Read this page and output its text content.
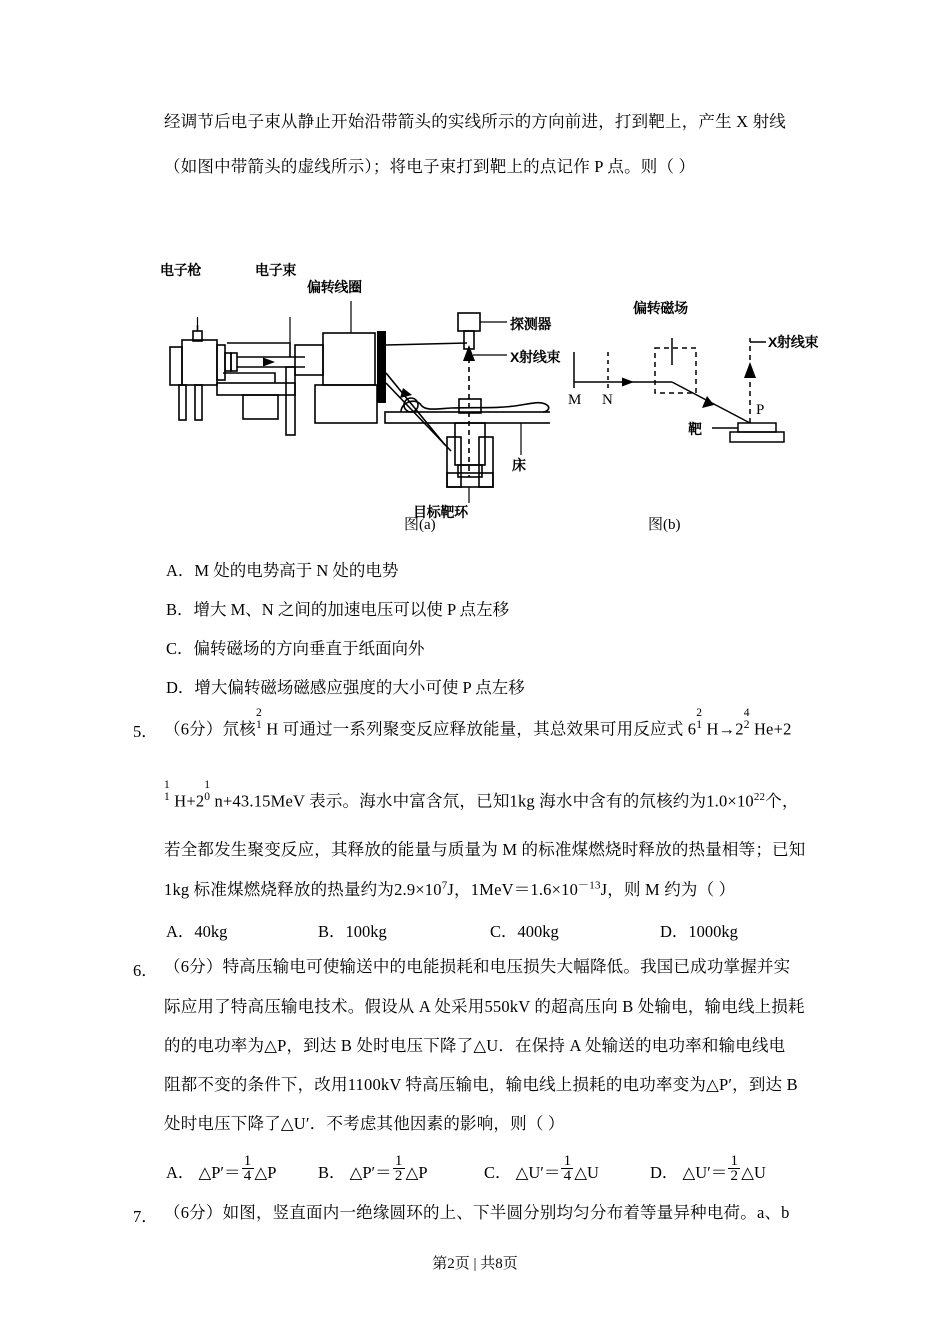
经调节后电子束从静止开始沿带箭头的实线所示的方向前进，打到靶上，产生 X 射线
（如图中带箭头的虚线所示）；将电子束打到靶上的点记作 P 点。则（ ）
电子枪	电子束
偏转线圈
探测器
X射线束
床
目标靶环
图(a)
偏转磁场
X射线束
M N
P
靶
图(b)
A．M 处的电势高于 N 处的电势
B．增大 M、N 之间的加速电压可以使 P 点左移
C．偏转磁场的方向垂直于纸面向外
D．增大偏转磁场磁感应强度的大小可使 P 点左移
5． （6分）氘核
2
1 H 可通过一系列聚变反应释放能量，其总效果可用反应式 6
2
1 H→2
4
2 He+2
1
1 H+2
1
0 n+43.15MeV 表示。海水中富含氘，已知1kg 海水中含有的氘核约为$1.0\times 10^{22}$个，
若全都发生聚变反应，其释放的能量与质量为 M 的标准煤燃烧时释放的热量相等；已知
1kg 标准煤燃烧释放的热量约为$2.9\times 10^7J$，$1MeV=1.6\times 10^{-13}J$，则 M 约为（ ）
A．40kg	B．100kg	C．400kg	D．1000kg
6． （6分）特高压输电可使输送中的电能损耗和电压损失大幅降低。我国已成功掌握并实
际应用了特高压输电技术。假设从 A 处采用550kV 的超高压向 B 处输电，输电线上损耗
的的电功率为△P，到达 B 处时电压下降了△U．在保持 A 处输送的电功率和输电线电
阻都不变的条件下，改用1100kV 特高压输电，输电线上损耗的电功率变为△P′，到达 B
处时电压下降了△U′．不考虑其他因素的影响，则（ ）
A． △P′＝ $\frac{1}{4}$ △P	B． △P′＝ $\frac{1}{2}$ △P	C． △U′＝ $\frac{1}{4}$ △U	D． △U′＝ $\frac{1}{2}$ △U
7． （6分）如图，竖直面内一绝缘圆环的上、下半圆分别均匀分布着等量异种电荷。a、b
第2页 | 共8页
